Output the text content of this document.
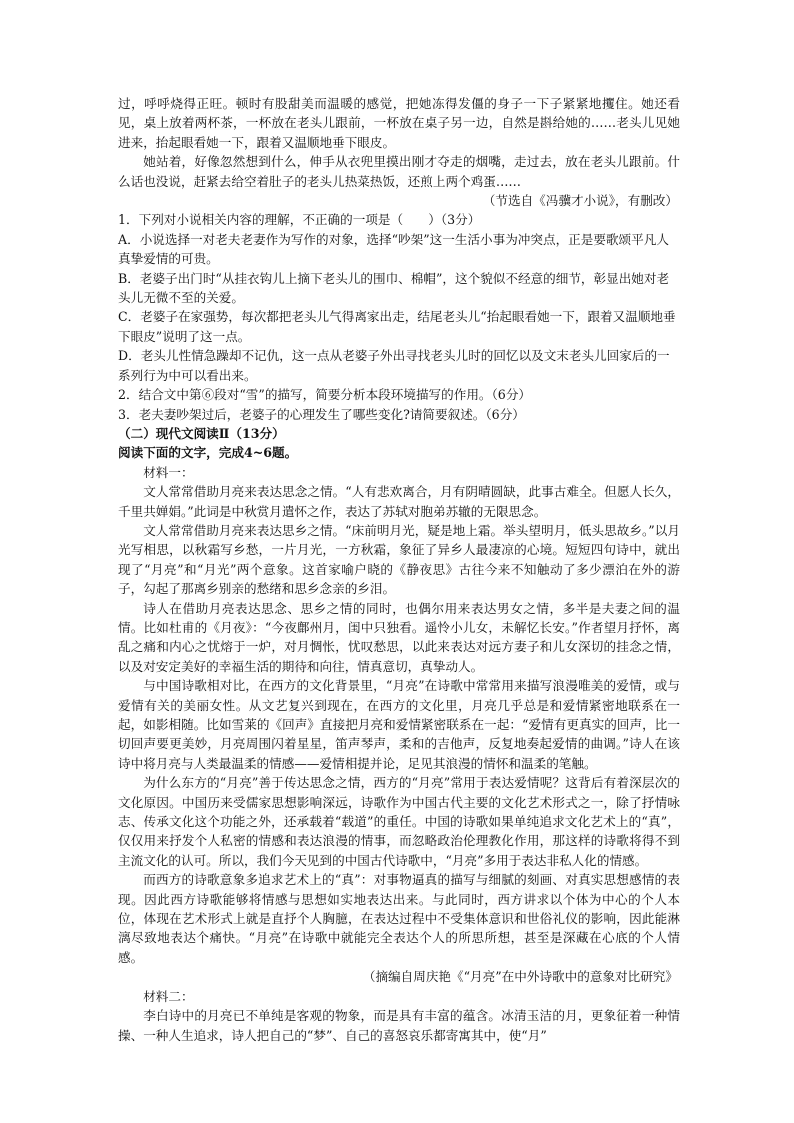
过，呼呼烧得正旺。顿时有股甜美而温暖的感觉，把她冻得发僵的身子一下子紧紧地攫住。她还看见，桌上放着两杯茶，一杯放在老头儿跟前，一杯放在桌子另一边，自然是斟给她的……老头儿见她进来，抬起眼看她一下，跟着又温顺地垂下眼皮。

她站着，好像忽然想到什么，伸手从衣兜里摸出刚才夺走的烟嘴，走过去，放在老头儿跟前。什么话也没说，赶紧去给空着肚子的老头儿热菜热饭，还煎上两个鸡蛋……

（节选自《冯骥才小说》，有删改）

1．下列对小说相关内容的理解，不正确的一项是（　　）（3分）

A．小说选择一对老夫老妻作为写作的对象，选择“吵架”这一生活小事为冲突点，正是要歌颂平凡人真挚爱情的可贵。

B．老婆子出门时“从挂衣钩儿上摘下老头儿的围巾、棉帽”，这个貌似不经意的细节，彰显出她对老头儿无微不至的关爱。

C．老婆子在家强势，每次都把老头儿气得离家出走，结尾老头儿“抬起眼看她一下，跟着又温顺地垂下眼皮”说明了这一点。

D．老头儿性情急躁却不记仇，这一点从老婆子外出寻找老头儿时的回忆以及文末老头儿回家后的一系列行为中可以看出来。

2．结合文中第⑥段对“雪”的描写，简要分析本段环境描写的作用。（6分）

3．老夫妻吵架过后，老婆子的心理发生了哪些变化?请简要叙述。（6分）

（二）现代文阅读Ⅱ（13分）

阅读下面的文字，完成4~6题。

材料一：

文人常常借助月亮来表达思念之情。“人有悲欢离合，月有阴晴圆缺，此事古难全。但愿人长久，千里共婵娟。”此词是中秋赏月遣怀之作，表达了苏轼对胞弟苏辙的无限思念。

文人常常借助月亮来表达思乡之情。“床前明月光，疑是地上霜。举头望明月，低头思故乡。”以月光写相思，以秋霜写乡愁，一片月光，一方秋霜，象征了异乡人最凄凉的心境。短短四句诗中，就出现了“月亮”和“月光”两个意象。这首家喻户晓的《静夜思》古往今来不知触动了多少漂泊在外的游子，勾起了那离乡别亲的愁绪和思乡念亲的乡泪。

诗人在借助月亮表达思念、思乡之情的同时，也偶尔用来表达男女之情，多半是夫妻之间的温情。比如杜甫的《月夜》：“今夜鄜州月，闺中只独看。遥怜小儿女，未解忆长安。”作者望月抒怀，离乱之痛和内心之忧熔于一炉，对月惆怅，忧叹愁思，以此来表达对远方妻子和儿女深切的挂念之情，以及对安定美好的幸福生活的期待和向往，情真意切，真挚动人。

与中国诗歌相对比，在西方的文化背景里，“月亮”在诗歌中常常用来描写浪漫唯美的爱情，或与爱情有关的美丽女性。从文艺复兴到现在，在西方的文化里，月亮几乎总是和爱情紧密地联系在一起，如影相随。比如雪莱的《回声》直接把月亮和爱情紧密联系在一起：“爱情有更真实的回声，比一切回声要更美妙，月亮周围闪着星星，笛声琴声，柔和的吉他声，反复地奏起爱情的曲调。”诗人在该诗中将月亮与人类最温柔的情感——爱情相提并论，足见其浪漫的情怀和温柔的笔触。

为什么东方的“月亮”善于传达思念之情，西方的“月亮”常用于表达爱情呢？这背后有着深层次的文化原因。中国历来受儒家思想影响深远，诗歌作为中国古代主要的文化艺术形式之一，除了抒情咏志、传承文化这个功能之外，还承载着“载道”的重任。中国的诗歌如果单纯追求文化艺术上的“真”，仅仅用来抒发个人私密的情感和表达浪漫的情事，而忽略政治伦理教化作用，那这样的诗歌将得不到主流文化的认可。所以，我们今天见到的中国古代诗歌中，“月亮”多用于表达非私人化的情感。

而西方的诗歌意象多追求艺术上的“真”：对事物逼真的描写与细腻的刻画、对真实思想感情的表现。因此西方诗歌能够将情感与思想如实地表达出来。与此同时，西方讲求以个体为中心的个人本位，体现在艺术形式上就是直抒个人胸臆，在表达过程中不受集体意识和世俗礼仪的影响，因此能淋漓尽致地表达个痛快。“月亮”在诗歌中就能完全表达个人的所思所想，甚至是深藏在心底的个人情感。

（摘编自周庆艳《“月亮”在中外诗歌中的意象对比研究》

材料二：

李白诗中的月亮已不单纯是客观的物象，而是具有丰富的蕴含。冰清玉洁的月，更象征着一种情操、一种人生追求，诗人把自己的“梦”、自己的喜怒哀乐都寄寓其中，使“月”
